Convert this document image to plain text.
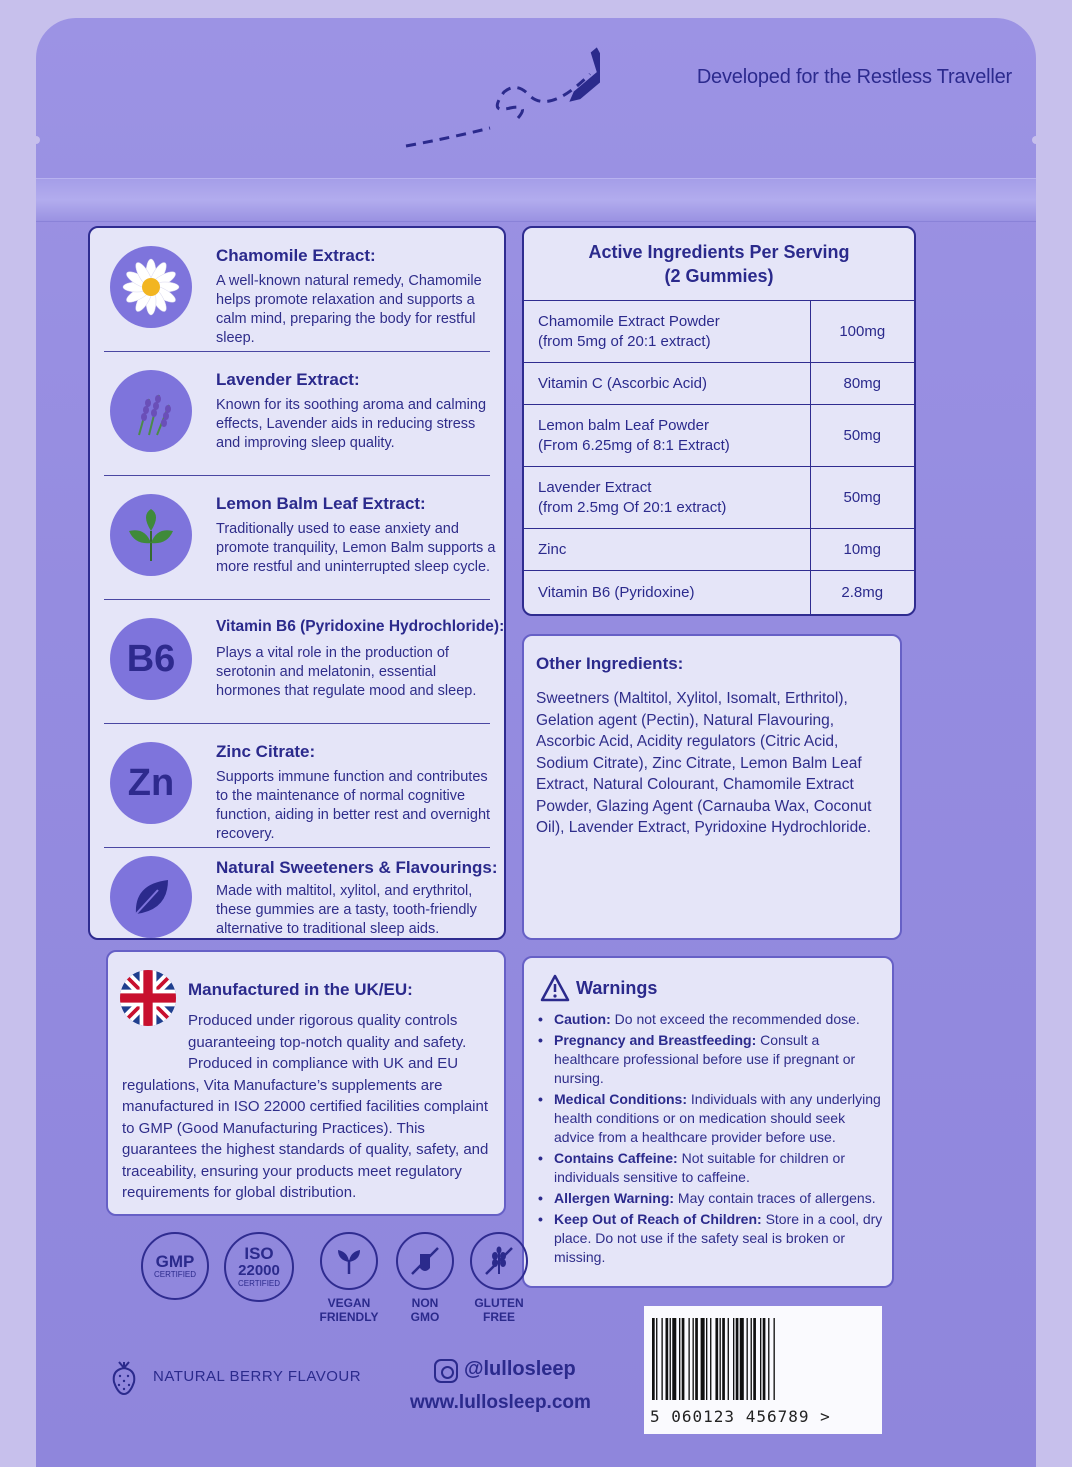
Developed for the Restless Traveller
Chamomile Extract:
A well-known natural remedy, Chamomile helps promote relaxation and supports a calm mind, preparing the body for restful sleep.
Lavender Extract:
Known for its soothing aroma and calming effects, Lavender aids in reducing stress and improving sleep quality.
Lemon Balm Leaf Extract:
Traditionally used to ease anxiety and promote tranquility, Lemon Balm supports a more restful and uninterrupted sleep cycle.
B6
Vitamin B6 (Pyridoxine Hydrochloride):
Plays a vital role in the production of serotonin and melatonin, essential hormones that regulate mood and sleep.
Zn
Zinc Citrate:
Supports immune function and contributes to the maintenance of normal cognitive function, aiding in better rest and overnight recovery.
Natural Sweeteners & Flavourings:
Made with maltitol, xylitol, and erythritol, these gummies are a tasty, tooth-friendly alternative to traditional sleep aids.
Active Ingredients Per Serving
(2 Gummies)
Chamomile Extract Powder
(from 5mg of 20:1 extract)	100mg
Vitamin C (Ascorbic Acid)	80mg

Lemon balm Leaf Powder
(From 6.25mg of 8:1 Extract)	50mg

Lavender Extract
(from 2.5mg Of 20:1 extract)	50mg
Zinc	10mg
Vitamin B6 (Pyridoxine)	2.8mg
Other Ingredients:
Sweetners (Maltitol, Xylitol, Isomalt, Erthritol), Gelation agent (Pectin), Natural Flavouring, Ascorbic Acid, Acidity regulators (Citric Acid, Sodium Citrate), Zinc Citrate, Lemon Balm Leaf Extract, Natural Colourant, Chamomile Extract Powder, Glazing Agent (Carnauba Wax, Coconut Oil), Lavender Extract, Pyridoxine Hydrochloride.
Manufactured in the UK/EU:
Produced under rigorous quality controls guaranteeing top-notch quality and safety. Produced in compliance with UK and EU
regulations, Vita Manufacture’s supplements are manufactured in ISO 22000 certified facilities complaint to GMP (Good Manufacturing Practices). This guarantees the highest standards of quality, safety, and traceability, ensuring your products meet regulatory requirements for global distribution.
Warnings
• Caution: Do not exceed the recommended dose.
• Pregnancy and Breastfeeding: Consult a healthcare professional before use if pregnant or nursing.
• Medical Conditions: Individuals with any underlying health conditions or on medication should seek advice from a healthcare provider before use.
• Contains Caffeine: Not suitable for children or individuals sensitive to caffeine.
• Allergen Warning: May contain traces of allergens.
• Keep Out of Reach of Children: Store in a cool, dry place. Do not use if the safety seal is broken or missing.
GMP
CERTIFIED
ISO
22000
CERTIFIED
VEGAN
FRIENDLY
NON
GMO
GLUTEN
FREE
NATURAL BERRY FLAVOUR	@lullosleep
www.lullosleep.com
5 060123 456789 >
